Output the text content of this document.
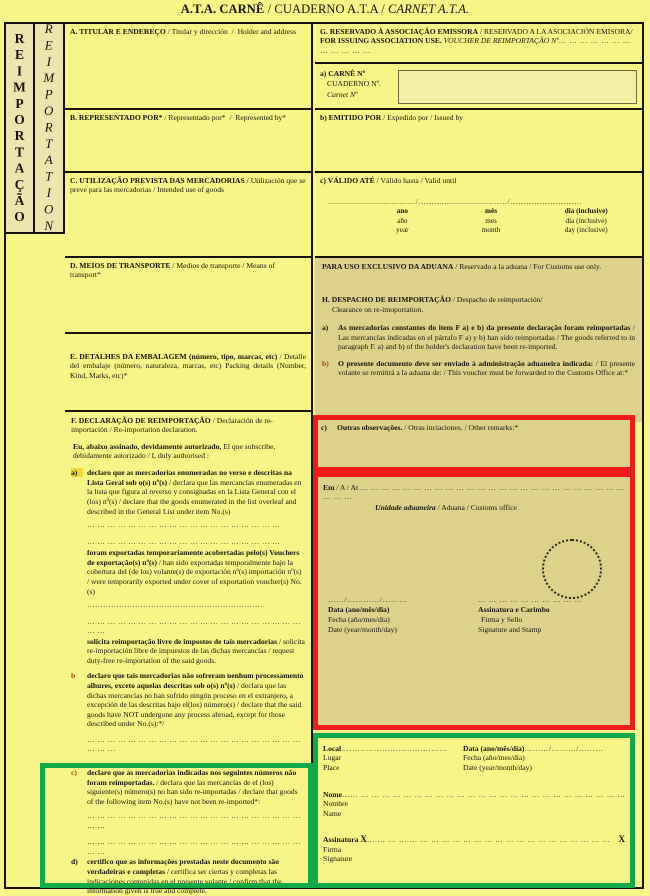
A.T.A. CARNÊ / CUADERNO A.T.A / CARNET A.T.A.
REIMPORTAÇÃO REIMPORTATION A. TITULAR E ENDEREÇO / Titular y dirección  /  Holder and address
B. REPRESENTADO POR* / Representado por*  /  Represented by*
C. UTILIZAÇÃO PREVISTA DAS MERCADORIAS / Utilización que se preve para las mercadorias / Intended use of goods
D. MEIOS DE TRANSPORTE / Medios de transporte / Means of transport*
E. DETALHES DA EMBALAGEM (número, tipo, marcas, etc) / Detalle del embalaje (número, naturaleza, marcas, etc) Packing details (Number, Kind, Marks, etc)*
F. DECLARAÇÃO DE REIMPORTAÇÃO / Declaración de re-importación / Re-importation declaration.
Eu, abaixo assinado, devidamente autorizado, El que subscribe, debidamente autorizado / I, duly authorised :
a)	declaro que as mercadorias enumeradas no verso e descritas na Lista Geral sob o(s) nº(s) / declara que las mercancías enumeradas en la lista que figura al reverso y consignadas en la Lista General con el (los) nº(s) / declare that the goods enumerated in the list overleaf and described in the General List under item No.(s)
… … … … … … … … … … … … … … … … … … …
… … … … … … … … … … … … … … … … … … …
foram exportadas temporariamente acobertadas pelo(s) Vouchers de exportação(s) nº(s) / han sido exportadas temporalmente bajo la cobertura del (de los) volante(s) de exportación nº(s) importación nº(s) / were temporarily exported under cover of exportation voucher(s) No.(s)
…………………………………………………………
… … … … … … … … … … … … … … … … … … … … … … …
solicita reimportação livre de impostos de tais mercadorias / solicita re-importación libre de impuestos de las dichas mercancías / request duty-free re-importation of the said goods.
b	declaro que tais mercadorias não sofreram nenhum processamento alhures, exceto aquelas descritas sob o(s) nº(s) / declara que las dichas mercancías no han sufrido ningún proceso en el extranjero, a excepción de las descritas bajo el(los) número(s) / declare that the said goods have NOT undergone any process abroad, except for those described under No.(s):*/
… … … … … … … … … … … … … … … … … … … … … … … …
c)	declaro que as mercadorias indicadas nos seguintes números não foram reimportadas. / declara que las mercancías de el (los) siguiente(s) número(s) no han sido re-importadas / declare that goods of the following item No.(s) have not been re-imported*:
… … … … … … … … … … … … … … … … … … … … … … …
… … … … … … … … … … … … … … … … … … … … … … …
d)	certifico que as informações prestadas neste documento são verdadeiras e completas / certifica ser ciertas y completas las indicaciones contenidas en el presente volante / confirm that the information given is true and complete.
G. RESERVADO À ASSOCIAÇÃO EMISSORA / RESERVADO A LA ASOCIACIÓN EMISORA/ FOR ISSUING ASSOCIATION USE. VOUCHER DE REIMPORTAÇÃO Nº… … … … … … … … … … … …
a) CARNÊ Nº
CUADERNO Nº.
Carnet Nº
b) EMITIDO POR / Expedido por / Issued by
c) VÁLIDO ATÉ / Válido hasta / Valid until
……………………………/…….....………………..…/………………………
ano
año
year
mês
mes
month
dia (inclusive)
día (inclusive)
day (inclusive)
PARA USO EXCLUSIVO DA ADUANA / Reservado a la aduana / For Customs use only.
H. DESPACHO DE REIMPORTAÇÃO / Despacho de reimportación/
Clearance on re-imoportation.
a)	As mercadorias constantes do item F a) e b) da presente declaração foram reimportadas / Las mercancías indicadas en el párrafo F a) y b) han sido reimportadas / The goods referred to in paragraph F. a) and b) of the holder's declaration have been re-imported.
b)	O presente documento deve ser enviado à administração aduaneira indicada: / El presente volante se remitirá a la aduana de: / This voucher must be forwarded to the Customs Office at:*
c)	Outras observações. / Otras inciaciones. / Other remarks:*
Em / A / At … … … … … … … … … … … … … … … … … … … … … … … … … … … …
Unidade aduaneira / Aduana / Customs office
……/…………/………
Data (ano/mês/dia)
Fecha (año/mes/dia)
Date (year/month/day)
… … … … … … … … … …
Assinatura e Carimbo
Firma y Sello
Signature and Stamp
Local…………………………………
Lugar
Place
Data (ano/mês/dia)………/………/………
Fecha (año/mes/dia)
Date (year/month/day)
Nome…… … … … … … … … … … … … … … … … … … … … … … … … … …
Nombre
Name
Assinatura
X … … … … … … … … … … … … … … … … … … … … … … … X
Firma
Signature
